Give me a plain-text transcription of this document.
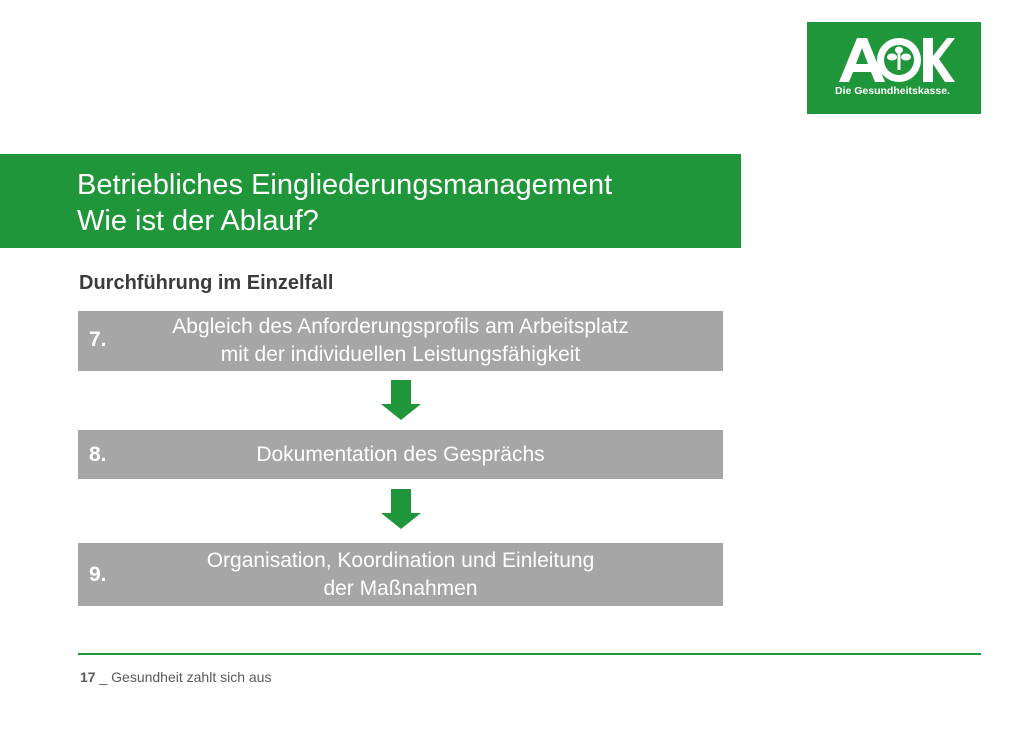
Die Gesundheitskasse.
Betriebliches Eingliederungsmanagement
Wie ist der Ablauf?
Durchführung im Einzelfall
7.
Abgleich des Anforderungsprofils am Arbeitsplatz
mit der individuellen Leistungsfähigkeit
8.	Dokumentation des Gesprächs
9.
Organisation, Koordination und Einleitung
der Maßnahmen
17 _ Gesundheit zahlt sich aus
